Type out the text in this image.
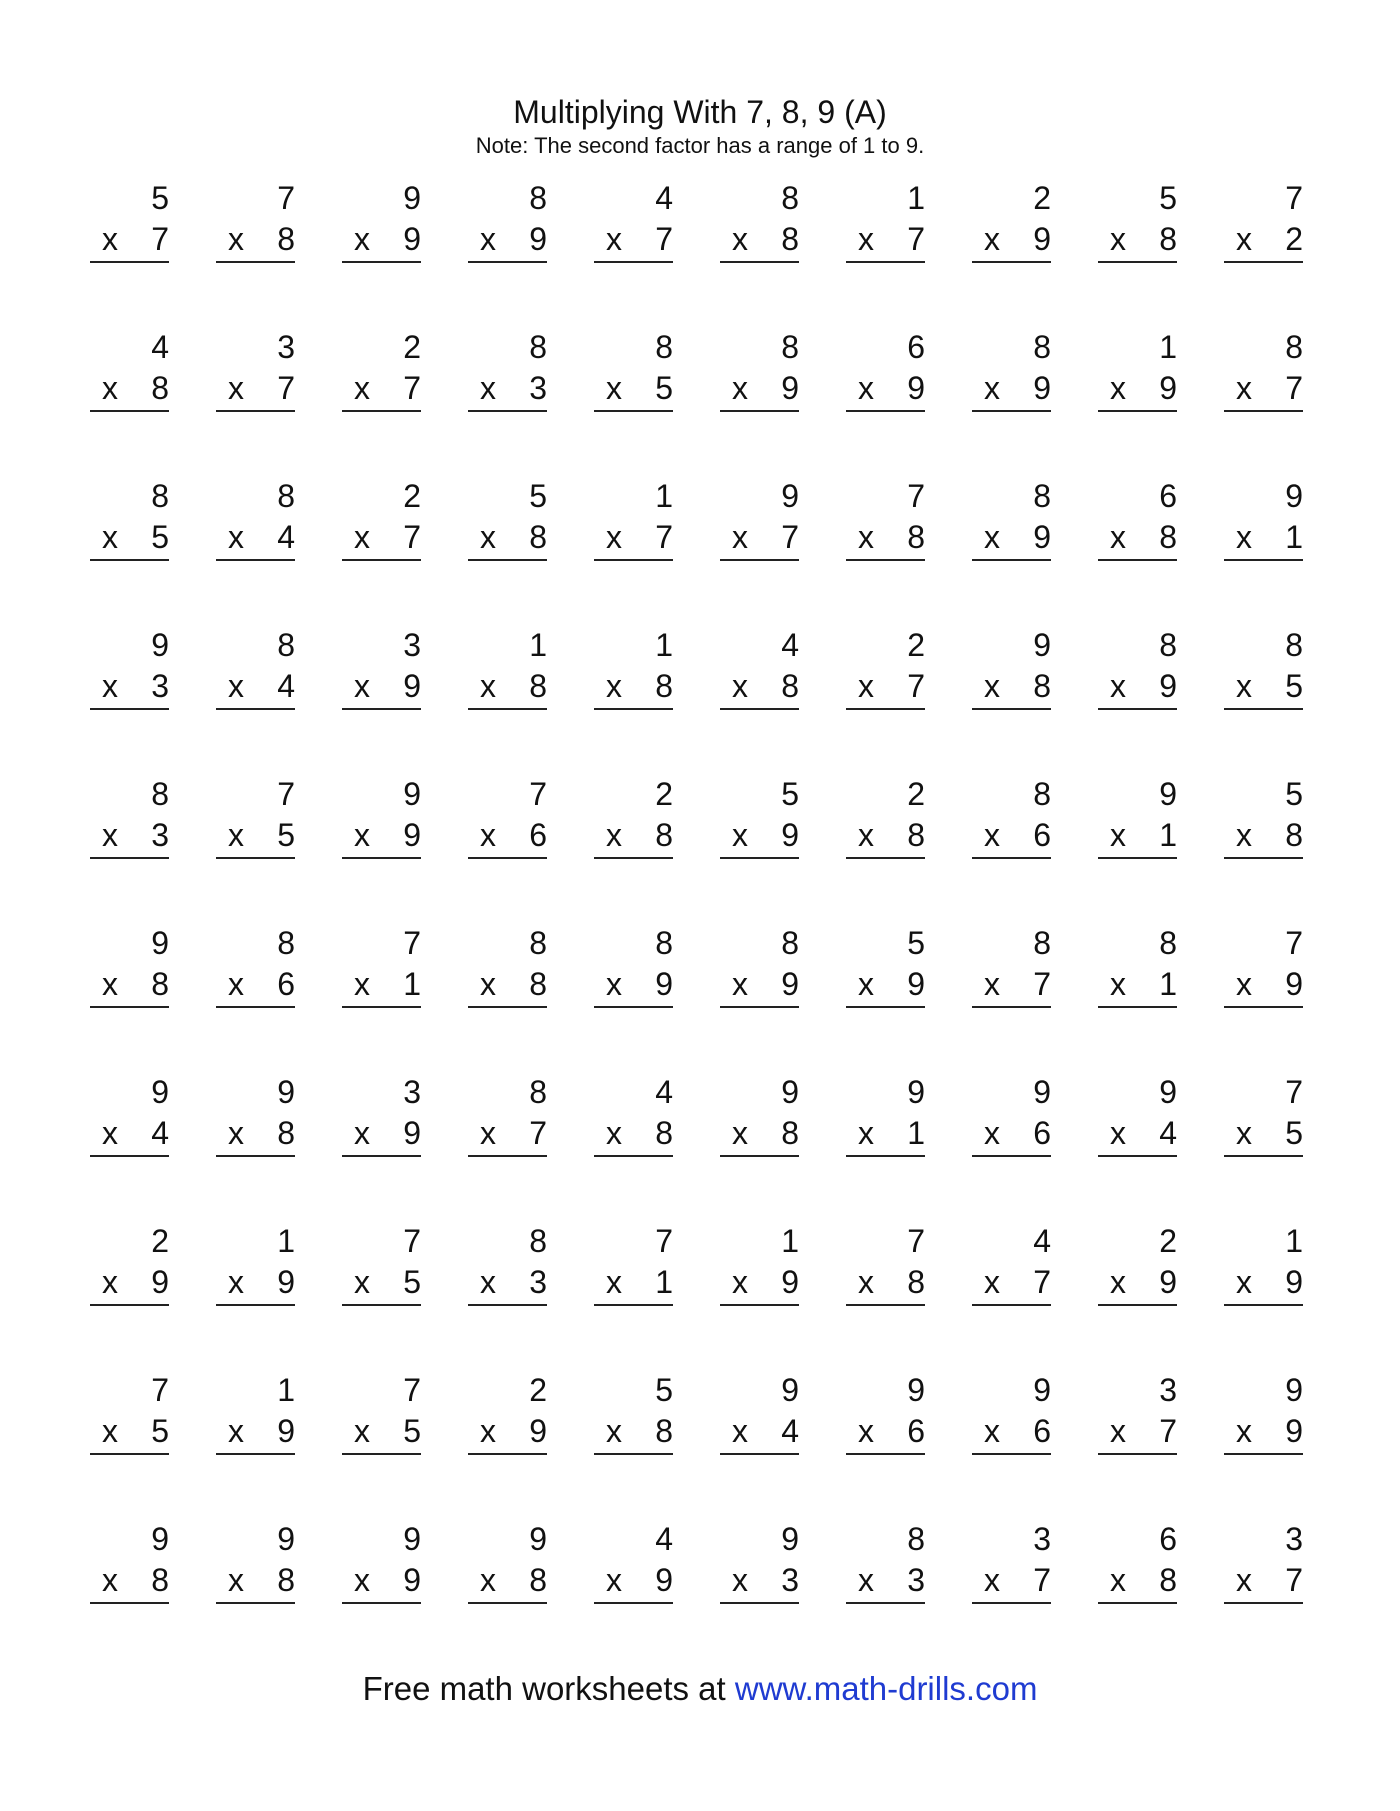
Multiplying With 7, 8, 9 (A)

Note: The second factor has a range of 1 to 9.

5
x 7
7
x 8
9
x 9
8
x 9
4
x 7
8
x 8
1
x 7
2
x 9
5
x 8
7
x 2
4
x 8
3
x 7
2
x 7
8
x 3
8
x 5
8
x 9
6
x 9
8
x 9
1
x 9
8
x 7
8
x 5
8
x 4
2
x 7
5
x 8
1
x 7
9
x 7
7
x 8
8
x 9
6
x 8
9
x 1
9
x 3
8
x 4
3
x 9
1
x 8
1
x 8
4
x 8
2
x 7
9
x 8
8
x 9
8
x 5
8
x 3
7
x 5
9
x 9
7
x 6
2
x 8
5
x 9
2
x 8
8
x 6
9
x 1
5
x 8
9
x 8
8
x 6
7
x 1
8
x 8
8
x 9
8
x 9
5
x 9
8
x 7
8
x 1
7
x 9
9
x 4
9
x 8
3
x 9
8
x 7
4
x 8
9
x 8
9
x 1
9
x 6
9
x 4
7
x 5
2
x 9
1
x 9
7
x 5
8
x 3
7
x 1
1
x 9
7
x 8
4
x 7
2
x 9
1
x 9
7
x 5
1
x 9
7
x 5
2
x 9
5
x 8
9
x 4
9
x 6
9
x 6
3
x 7
9
x 9
9
x 8
9
x 8
9
x 9
9
x 8
4
x 9
9
x 3
8
x 3
3
x 7
6
x 8
3
x 7
Free math worksheets at www.math-drills.com
